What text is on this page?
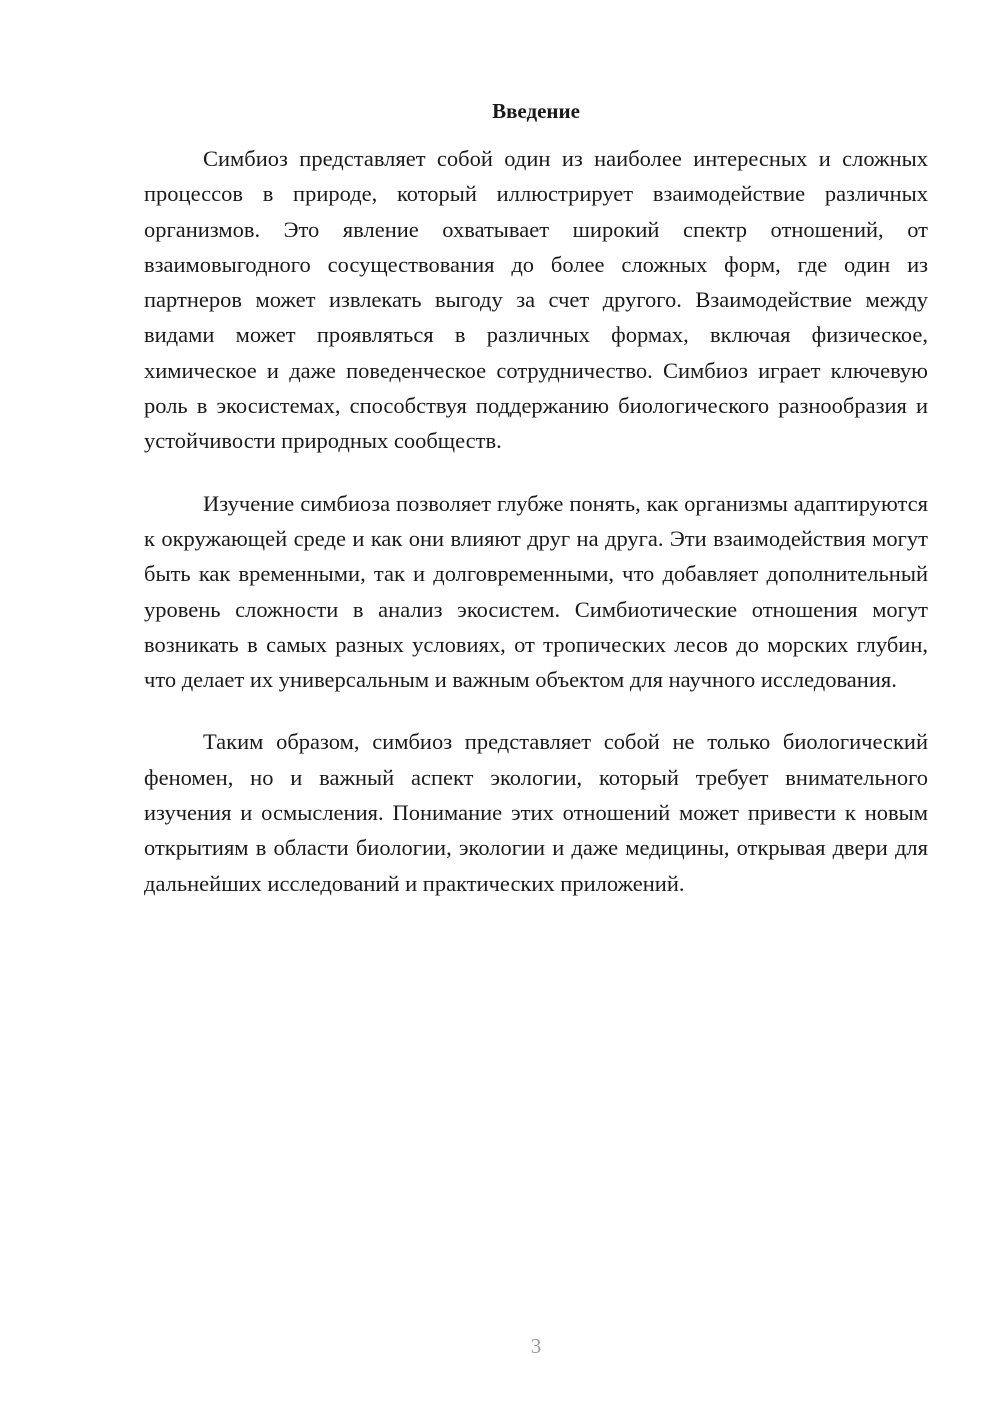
Введение

Симбиоз представляет собой один из наиболее интересных и сложных процессов в природе, который иллюстрирует взаимодействие различных организмов. Это явление охватывает широкий спектр отношений, от взаимовыгодного сосуществования до более сложных форм, где один из партнеров может извлекать выгоду за счет другого. Взаимодействие между видами может проявляться в различных формах, включая физическое, химическое и даже поведенческое сотрудничество. Симбиоз играет ключевую роль в экосистемах, способствуя поддержанию биологического разнообразия и устойчивости природных сообществ.

Изучение симбиоза позволяет глубже понять, как организмы адаптируются к окружающей среде и как они влияют друг на друга. Эти взаимодействия могут быть как временными, так и долговременными, что добавляет дополнительный уровень сложности в анализ экосистем. Симбиотические отношения могут возникать в самых разных условиях, от тропических лесов до морских глубин, что делает их универсальным и важным объектом для научного исследования.

Таким образом, симбиоз представляет собой не только биологический феномен, но и важный аспект экологии, который требует внимательного изучения и осмысления. Понимание этих отношений может привести к новым открытиям в области биологии, экологии и даже медицины, открывая двери для дальнейших исследований и практических приложений.

3
